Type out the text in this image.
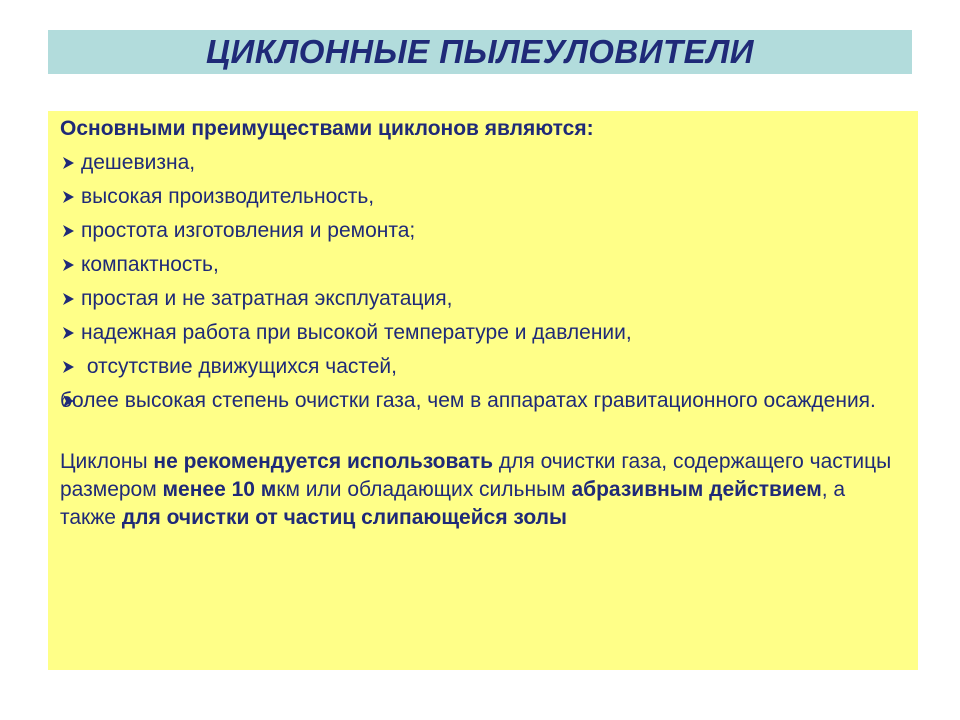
ЦИКЛОННЫЕ ПЫЛЕУЛОВИТЕЛИ
Основными преимуществами циклонов являются:
дешевизна,
высокая производительность,
простота изготовления и ремонта;
компактность,
простая и не затратная эксплуатация,
надежная работа при высокой температуре и давлении,
отсутствие движущихся частей,
более высокая степень очистки газа, чем в аппаратах гравитационного осаждения.
Циклоны не рекомендуется использовать для очистки газа, содержащего частицы размером менее 10 мкм или обладающих сильным абразивным действием, а также для очистки от частиц слипающейся золы
